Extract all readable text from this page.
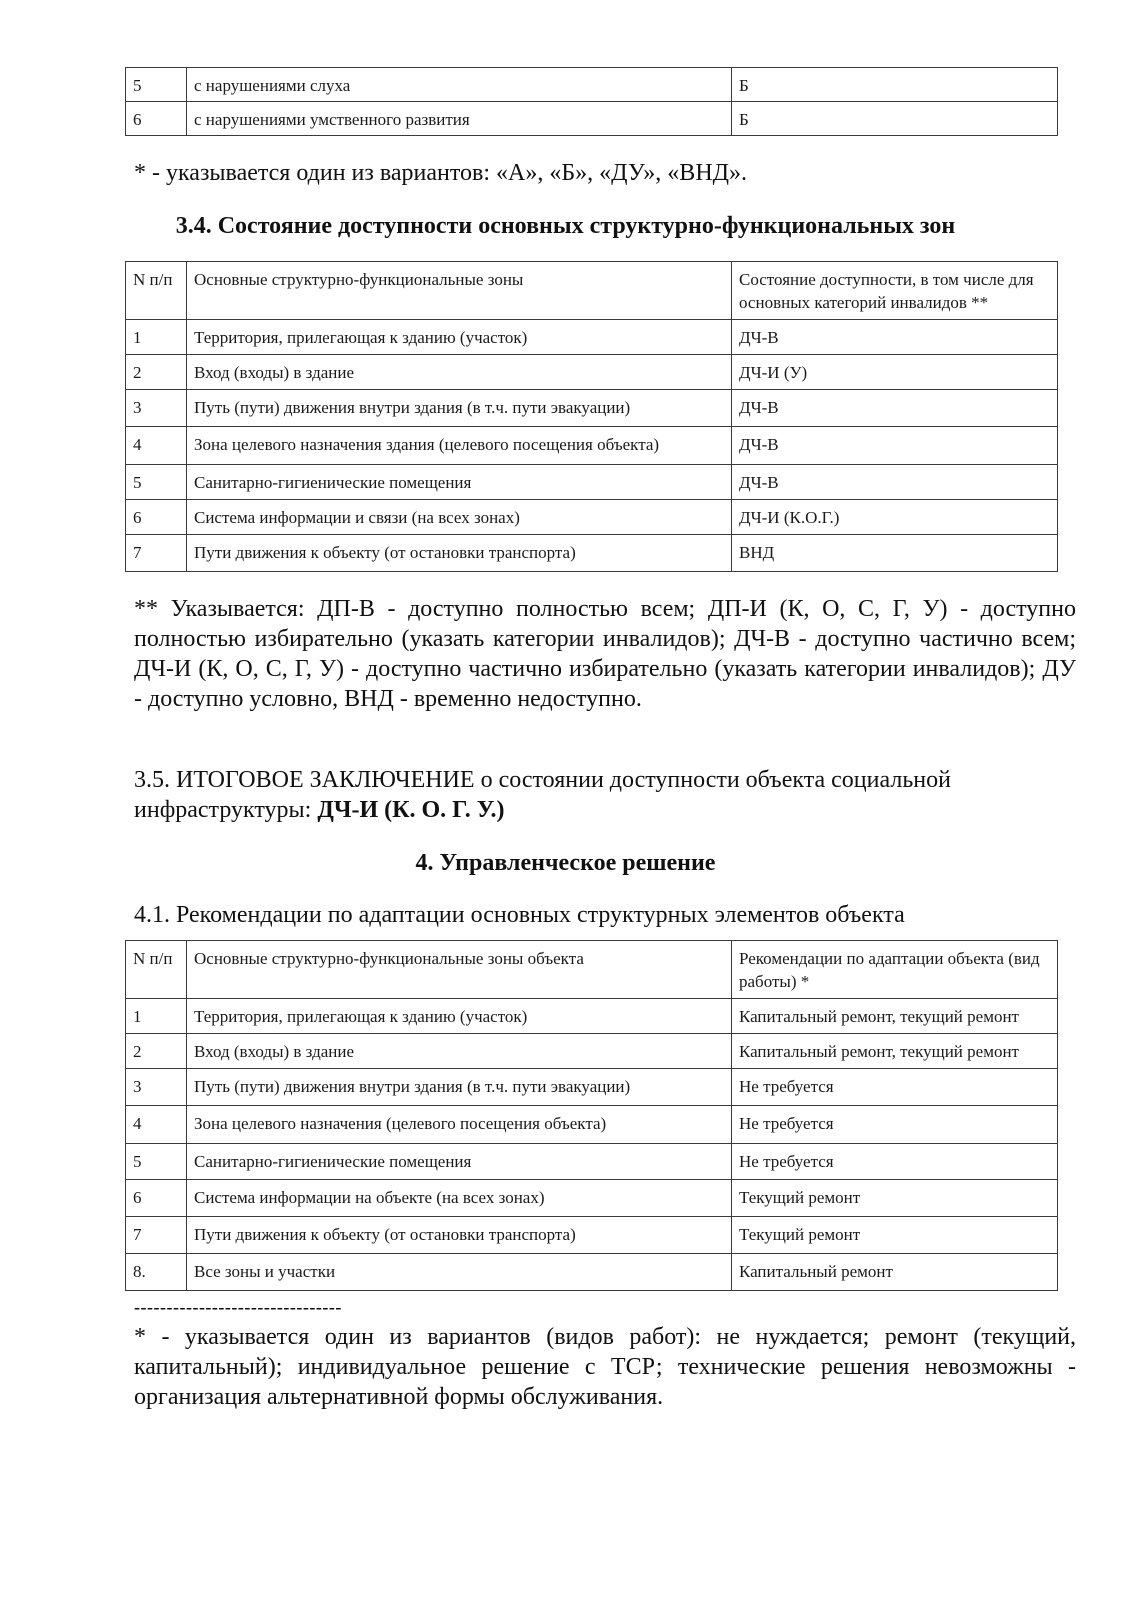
5	с нарушениями слуха	Б
6	с нарушениями умственного развития	Б
* - указывается один из вариантов: «А», «Б», «ДУ», «ВНД».
3.4. Состояние доступности основных структурно-функциональных зон
N п/п	Основные структурно-функциональные зоны	Состояние доступности, в том числе для основных категорий инвалидов **
1	Территория, прилегающая к зданию (участок)	ДЧ-В
2	Вход (входы) в здание	ДЧ-И (У)
3	Путь (пути) движения внутри здания (в т.ч. пути эвакуации)	ДЧ-В
4	Зона целевого назначения здания (целевого посещения объекта)	ДЧ-В
5	Санитарно-гигиенические помещения	ДЧ-В
6	Система информации и связи (на всех зонах)	ДЧ-И (К.О.Г.)
7	Пути движения к объекту (от остановки транспорта)	ВНД
** Указывается: ДП-В - доступно полностью всем; ДП-И (К, О, С, Г, У) - доступно полностью избирательно (указать категории инвалидов); ДЧ-В - доступно частично всем; ДЧ-И (К, О, С, Г, У) - доступно частично избирательно (указать категории инвалидов); ДУ - доступно условно, ВНД - временно недоступно.
3.5. ИТОГОВОЕ ЗАКЛЮЧЕНИЕ о состоянии доступности объекта социальной инфраструктуры: ДЧ-И (К. О. Г. У.)
4. Управленческое решение
4.1. Рекомендации по адаптации основных структурных элементов объекта
N п/п	Основные структурно-функциональные зоны объекта	Рекомендации по адаптации объекта (вид работы) *
1	Территория, прилегающая к зданию (участок)	Капитальный ремонт, текущий ремонт
2	Вход (входы) в здание	Капитальный ремонт, текущий ремонт
3	Путь (пути) движения внутри здания (в т.ч. пути эвакуации)	Не требуется
4	Зона целевого назначения (целевого посещения объекта)	Не требуется
5	Санитарно-гигиенические помещения	Не требуется
6	Система информации на объекте (на всех зонах)	Текущий ремонт
7	Пути движения к объекту (от остановки транспорта)	Текущий ремонт
8.	Все зоны и участки	Капитальный ремонт
--------------------------------
* - указывается один из вариантов (видов работ): не нуждается; ремонт (текущий, капитальный); индивидуальное решение с ТСР; технические решения невозможны - организация альтернативной формы обслуживания.
